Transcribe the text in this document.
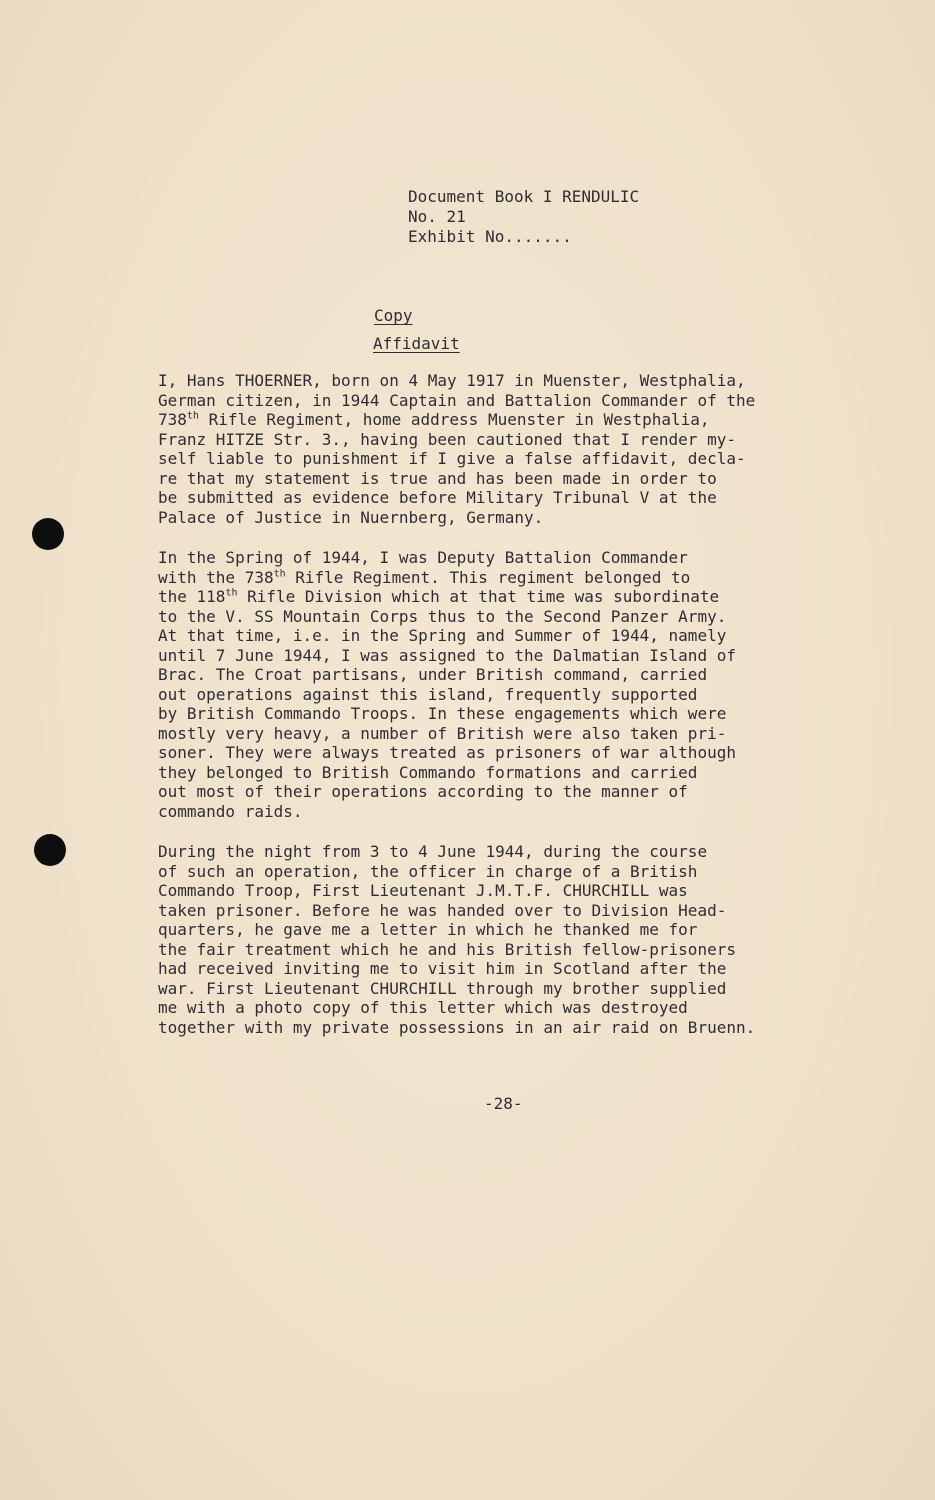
Document Book I RENDULIC
No. 21
Exhibit No.......
Copy
Affidavit
I, Hans THOERNER, born on 4 May 1917 in Muenster, Westphalia,
German citizen, in 1944 Captain and Battalion Commander of the
738th Rifle Regiment, home address Muenster in Westphalia,
Franz HITZE Str. 3., having been cautioned that I render my-
self liable to punishment if I give a false affidavit, decla-
re that my statement is true and has been made in order to
be submitted as evidence before Military Tribunal V at the
Palace of Justice in Nuernberg, Germany.
In the Spring of 1944, I was Deputy Battalion Commander
with the 738th Rifle Regiment. This regiment belonged to
the 118th Rifle Division which at that time was subordinate
to the V. SS Mountain Corps thus to the Second Panzer Army.
At that time, i.e. in the Spring and Summer of 1944, namely
until 7 June 1944, I was assigned to the Dalmatian Island of
Brac. The Croat partisans, under British command, carried
out operations against this island, frequently supported
by British Commando Troops. In these engagements which were
mostly very heavy, a number of British were also taken pri-
soner. They were always treated as prisoners of war although
they belonged to British Commando formations and carried
out most of their operations according to the manner of
commando raids.
During the night from 3 to 4 June 1944, during the course
of such an operation, the officer in charge of a British
Commando Troop, First Lieutenant J.M.T.F. CHURCHILL was
taken prisoner. Before he was handed over to Division Head-
quarters, he gave me a letter in which he thanked me for
the fair treatment which he and his British fellow-prisoners
had received inviting me to visit him in Scotland after the
war. First Lieutenant CHURCHILL through my brother supplied
me with a photo copy of this letter which was destroyed
together with my private possessions in an air raid on Bruenn.
-28-
